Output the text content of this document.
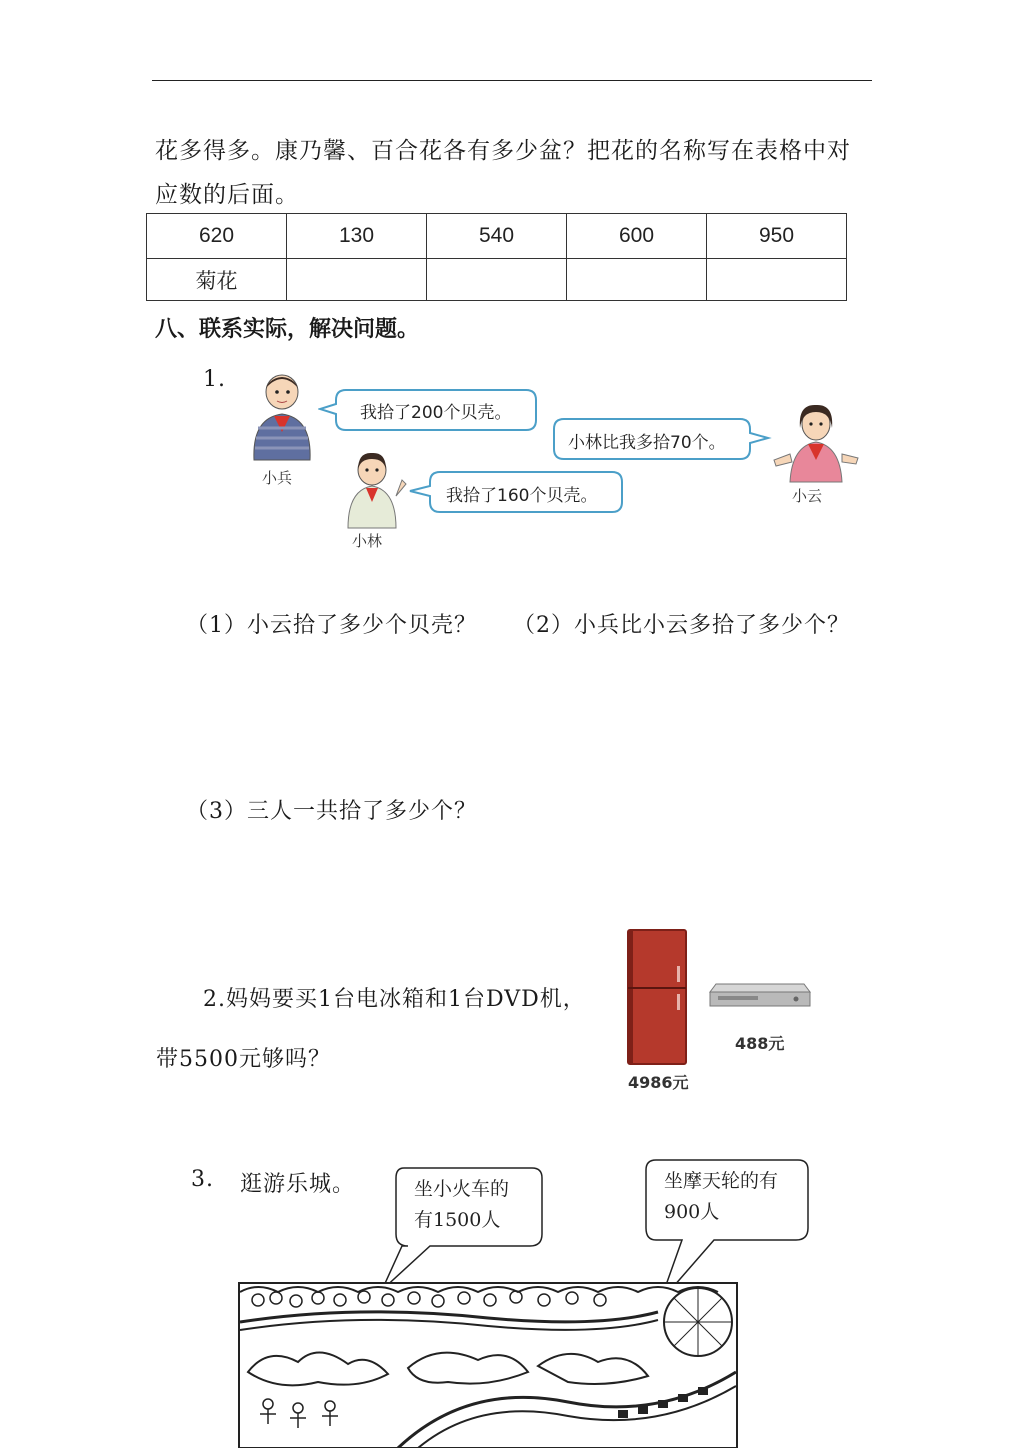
花多得多。康乃馨、百合花各有多少盆？把花的名称写在表格中对
应数的后面。
620	130	540	600	950
菊花				
八、联系实际，解决问题。
1.
我拾了200个贝壳。
小林比我多拾70个。
我拾了160个贝壳。
小兵
小林
小云
（1）小云拾了多少个贝壳？ （2）小兵比小云多拾了多少个？
（3）三人一共拾了多少个？
2.妈妈要买1台电冰箱和1台DVD机，
带5500元够吗？
4986元
488元
3. 逛游乐城。	坐小火车的
有1500人
坐摩天轮的有
900人
